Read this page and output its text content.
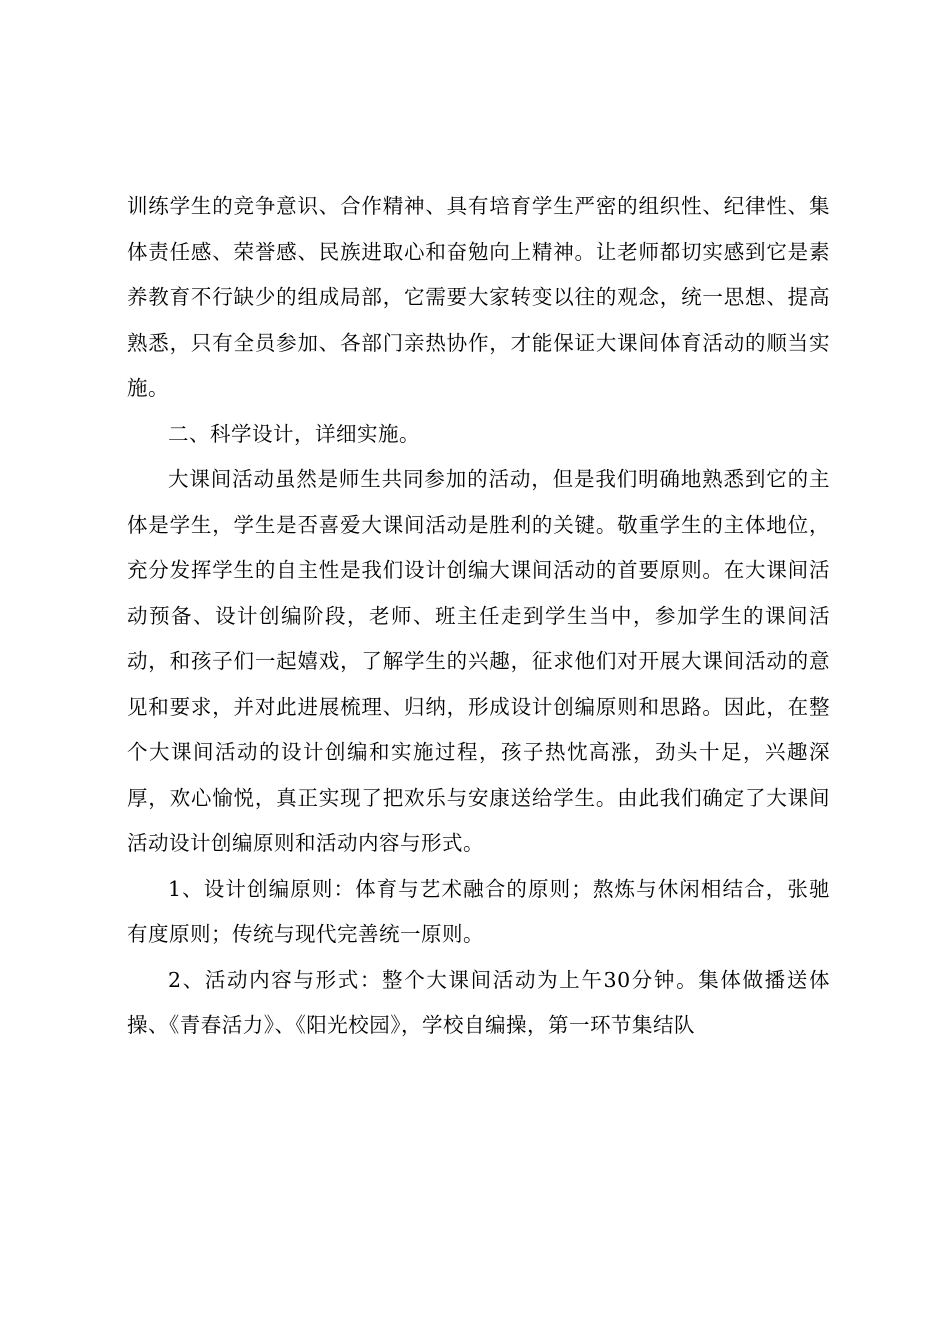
训练学生的竞争意识、合作精神、具有培育学生严密的组织性、纪律性、集体责任感、荣誉感、民族进取心和奋勉向上精神。让老师都切实感到它是素养教育不行缺少的组成局部，它需要大家转变以往的观念，统一思想、提高熟悉，只有全员参加、各部门亲热协作，才能保证大课间体育活动的顺当实施。

二、科学设计，详细实施。

大课间活动虽然是师生共同参加的活动，但是我们明确地熟悉到它的主体是学生，学生是否喜爱大课间活动是胜利的关键。敬重学生的主体地位，充分发挥学生的自主性是我们设计创编大课间活动的首要原则。在大课间活动预备、设计创编阶段，老师、班主任走到学生当中，参加学生的课间活动，和孩子们一起嬉戏，了解学生的兴趣，征求他们对开展大课间活动的意见和要求，并对此进展梳理、归纳，形成设计创编原则和思路。因此，在整个大课间活动的设计创编和实施过程，孩子热忱高涨，劲头十足，兴趣深厚，欢心愉悦，真正实现了把欢乐与安康送给学生。由此我们确定了大课间活动设计创编原则和活动内容与形式。

1、设计创编原则：体育与艺术融合的原则；熬炼与休闲相结合，张驰有度原则；传统与现代完善统一原则。

2、活动内容与形式：整个大课间活动为上午30分钟。集体做播送体操、《青春活力》、《阳光校园》，学校自编操，第一环节集结队
